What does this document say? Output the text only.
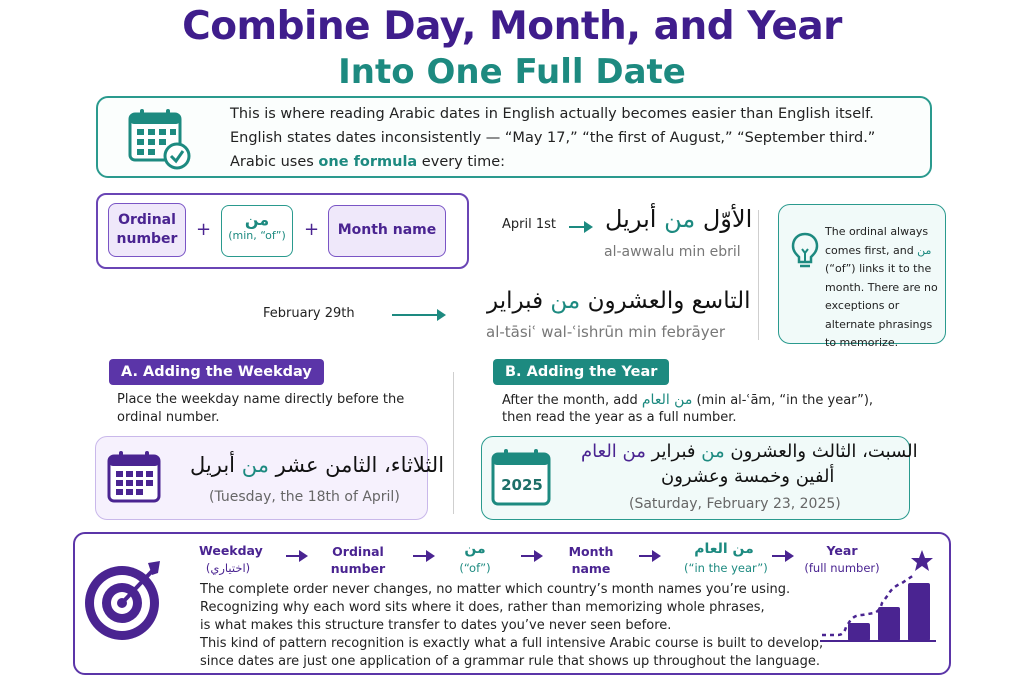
Combine Day, Month, and Year
Into One Full Date
This is where reading Arabic dates in English actually becomes easier than English itself.
English states dates inconsistently — “May 17,” “the first of August,” “September third.”
Arabic uses one formula every time:
Ordinal number	+	من
(min, “of”)	+	Month name	April 1st	الأوّل من أبريل
al-awwalu min ebril
February 29th	التاسع والعشرون من فبراير
al-tāsiʿ wal-ʿishrūn min febrāyer
The ordinal always comes first, and من (“of”) links it to the month. There are no exceptions or alternate phrasings to memorize.
A. Adding the Weekday
Place the weekday name directly before the ordinal number.
الثلاثاء، الثامن عشر من أبريل
(Tuesday, the 18th of April)
B. Adding the Year
After the month, add من العام (min al-ʿām, “in the year”),
then read the year as a full number.
2025
السبت، الثالث والعشرون من فبراير من العام
ألفين وخمسة وعشرون
(Saturday, February 23, 2025)
Weekday
(اختياري)
Ordinal number
من
(“of”)
Month name
من العام
(“in the year”)
Year
(full number)
The complete order never changes, no matter which country’s month names you’re using.
Recognizing why each word sits where it does, rather than memorizing whole phrases,
is what makes this structure transfer to dates you’ve never seen before.
This kind of pattern recognition is exactly what a full intensive Arabic course is built to develop,
since dates are just one application of a grammar rule that shows up throughout the language.
